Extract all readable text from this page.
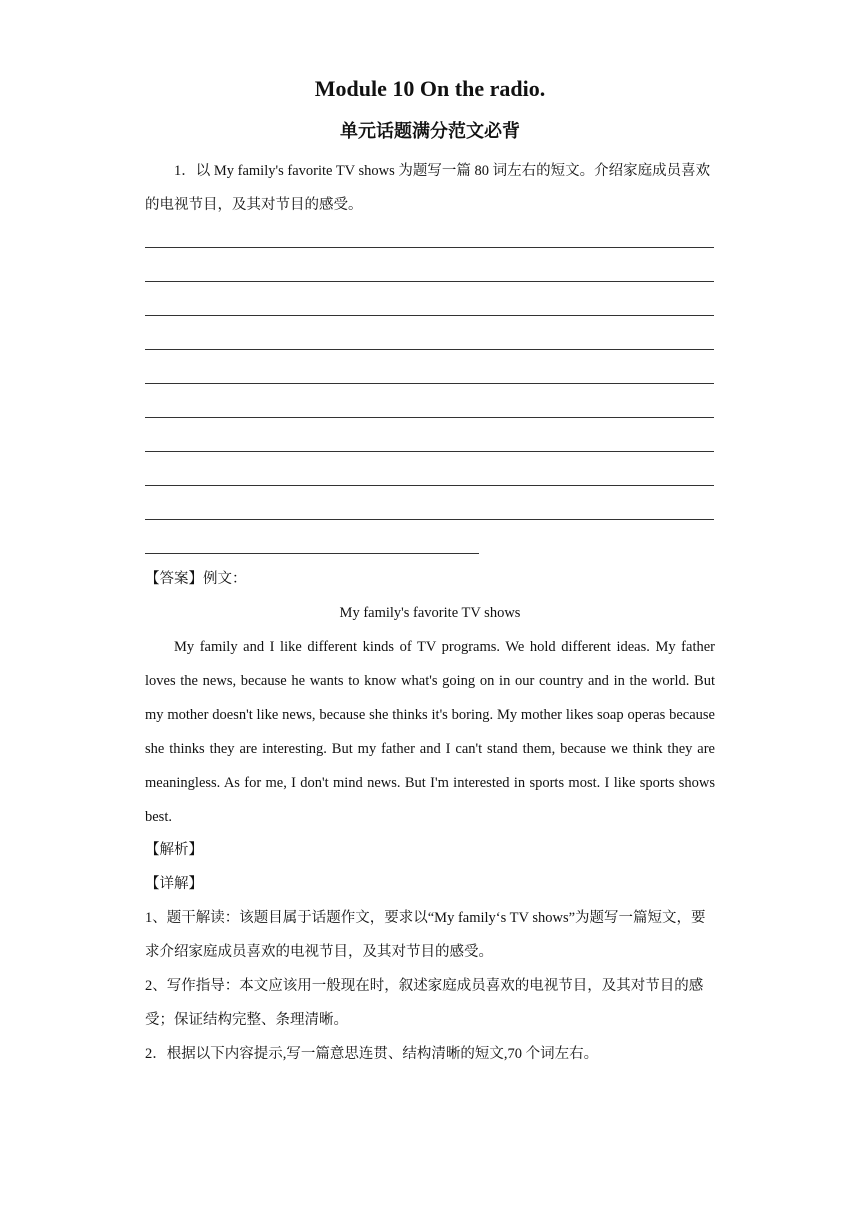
Module 10 On the radio.
单元话题满分范文必背
1．以 My family's favorite TV shows 为题写一篇 80 词左右的短文。介绍家庭成员喜欢的电视节目，及其对节目的感受。
【答案】例文：
My family's favorite TV shows
My family and I like different kinds of TV programs. We hold different ideas. My father loves the news, because he wants to know what's going on in our country and in the world. But my mother doesn't like news, because she thinks it's boring. My mother likes soap operas because she thinks they are interesting. But my father and I can't stand them, because we think they are meaningless. As for me, I don't mind news. But I'm interested in sports most. I like sports shows best.
【解析】
【详解】
1、题干解读：该题目属于话题作文，要求以“My family‘s TV shows”为题写一篇短文，要求介绍家庭成员喜欢的电视节目，及其对节目的感受。
2、写作指导：本文应该用一般现在时，叙述家庭成员喜欢的电视节目，及其对节目的感受；保证结构完整、条理清晰。
2．根据以下内容提示,写一篇意思连贯、结构清晰的短文,70 个词左右。
